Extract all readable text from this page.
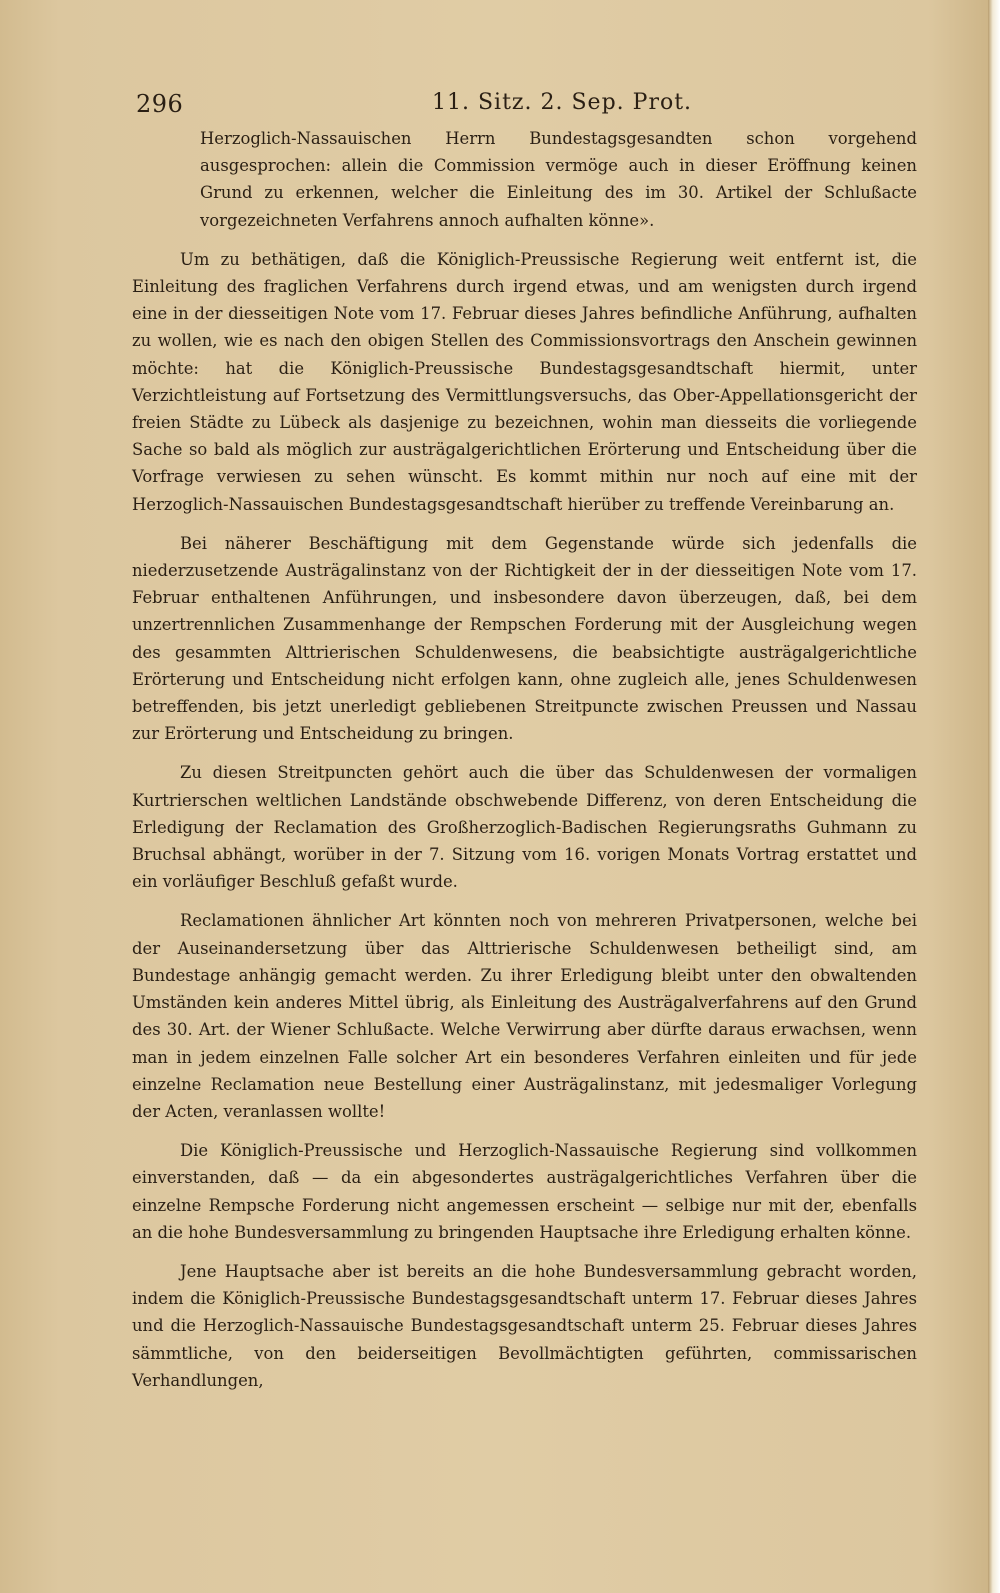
296	11. Sitz. 2. Sep. Prot.

Herzoglich-Nassauischen Herrn Bundestagsgesandten schon vorgehend ausgesprochen: allein die Commission vermöge auch in dieser Eröffnung keinen Grund zu erkennen, welcher die Einleitung des im 30. Artikel der Schlußacte vorgezeichneten Verfahrens annoch aufhalten könne».

Um zu bethätigen, daß die Königlich-Preussische Regierung weit entfernt ist, die Einleitung des fraglichen Verfahrens durch irgend etwas, und am wenigsten durch irgend eine in der diesseitigen Note vom 17. Februar dieses Jahres befindliche Anführung, aufhalten zu wollen, wie es nach den obigen Stellen des Commissionsvortrags den Anschein gewinnen möchte: hat die Königlich-Preussische Bundestagsgesandtschaft hiermit, unter Verzichtleistung auf Fortsetzung des Vermittlungsversuchs, das Ober-Appellationsgericht der freien Städte zu Lübeck als dasjenige zu bezeichnen, wohin man diesseits die vorliegende Sache so bald als möglich zur austrägalgerichtlichen Erörterung und Entscheidung über die Vorfrage verwiesen zu sehen wünscht. Es kommt mithin nur noch auf eine mit der Herzoglich-Nassauischen Bundestagsgesandtschaft hierüber zu treffende Vereinbarung an.

Bei näherer Beschäftigung mit dem Gegenstande würde sich jedenfalls die niederzusetzende Austrägalinstanz von der Richtigkeit der in der diesseitigen Note vom 17. Februar enthaltenen Anführungen, und insbesondere davon überzeugen, daß, bei dem unzertrennlichen Zusammenhange der Rempschen Forderung mit der Ausgleichung wegen des gesammten Alttrierischen Schuldenwesens, die beabsichtigte austrägalgerichtliche Erörterung und Entscheidung nicht erfolgen kann, ohne zugleich alle, jenes Schuldenwesen betreffenden, bis jetzt unerledigt gebliebenen Streitpuncte zwischen Preussen und Nassau zur Erörterung und Entscheidung zu bringen.

Zu diesen Streitpuncten gehört auch die über das Schuldenwesen der vormaligen Kurtrierschen weltlichen Landstände obschwebende Differenz, von deren Entscheidung die Erledigung der Reclamation des Großherzoglich-Badischen Regierungsraths Guhmann zu Bruchsal abhängt, worüber in der 7. Sitzung vom 16. vorigen Monats Vortrag erstattet und ein vorläufiger Beschluß gefaßt wurde.

Reclamationen ähnlicher Art könnten noch von mehreren Privatpersonen, welche bei der Auseinandersetzung über das Alttrierische Schuldenwesen betheiligt sind, am Bundestage anhängig gemacht werden. Zu ihrer Erledigung bleibt unter den obwaltenden Umständen kein anderes Mittel übrig, als Einleitung des Austrägalverfahrens auf den Grund des 30. Art. der Wiener Schlußacte. Welche Verwirrung aber dürfte daraus erwachsen, wenn man in jedem einzelnen Falle solcher Art ein besonderes Verfahren einleiten und für jede einzelne Reclamation neue Bestellung einer Austrägalinstanz, mit jedesmaliger Vorlegung der Acten, veranlassen wollte!

Die Königlich-Preussische und Herzoglich-Nassauische Regierung sind vollkommen einverstanden, daß — da ein abgesondertes austrägalgerichtliches Verfahren über die einzelne Rempsche Forderung nicht angemessen erscheint — selbige nur mit der, ebenfalls an die hohe Bundesversammlung zu bringenden Hauptsache ihre Erledigung erhalten könne.

Jene Hauptsache aber ist bereits an die hohe Bundesversammlung gebracht worden, indem die Königlich-Preussische Bundestagsgesandtschaft unterm 17. Februar dieses Jahres und die Herzoglich-Nassauische Bundestagsgesandtschaft unterm 25. Februar dieses Jahres sämmtliche, von den beiderseitigen Bevollmächtigten geführten, commissarischen Verhandlungen,
